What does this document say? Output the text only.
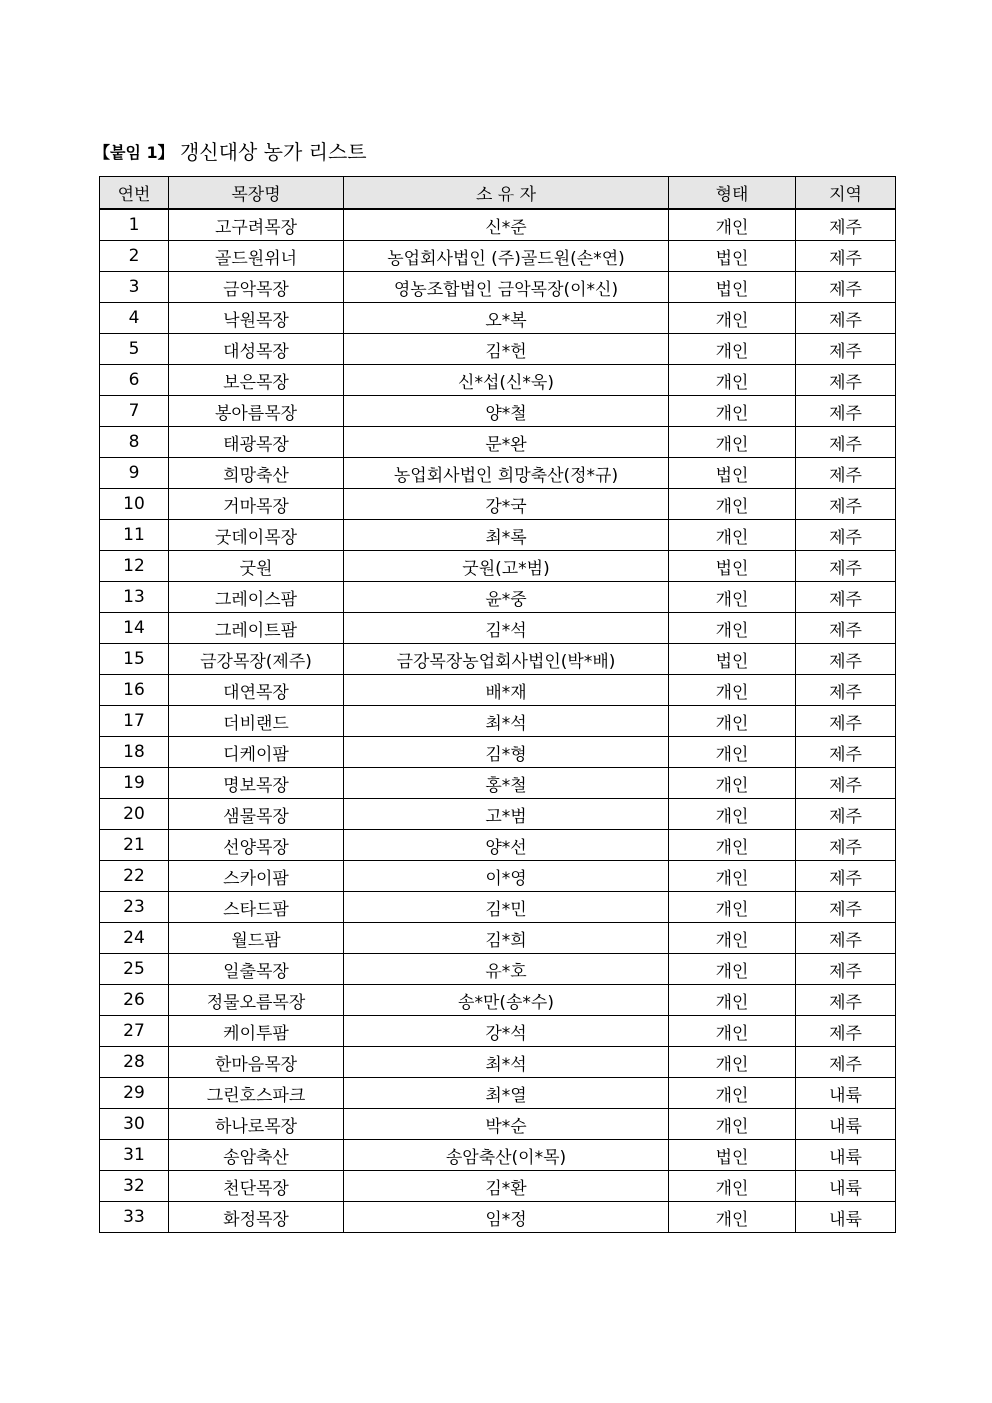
【붙임 1】 갱신대상 농가 리스트
연번	목장명	소 유 자	형태	지역
1	고구려목장	신*준	개인	제주
2	골드원위너	농업회사법인 (주)골드원(손*연)	법인	제주
3	금악목장	영농조합법인 금악목장(이*신)	법인	제주
4	낙원목장	오*복	개인	제주
5	대성목장	김*헌	개인	제주
6	보은목장	신*섭(신*욱)	개인	제주
7	봉아름목장	양*철	개인	제주
8	태광목장	문*완	개인	제주
9	희망축산	농업회사법인 희망축산(정*규)	법인	제주
10	거마목장	강*국	개인	제주
11	굿데이목장	최*록	개인	제주
12	굿원	굿원(고*범)	법인	제주
13	그레이스팜	윤*중	개인	제주
14	그레이트팜	김*석	개인	제주
15	금강목장(제주)	금강목장농업회사법인(박*배)	법인	제주
16	대연목장	배*재	개인	제주
17	더비랜드	최*석	개인	제주
18	디케이팜	김*형	개인	제주
19	명보목장	홍*철	개인	제주
20	샘물목장	고*범	개인	제주
21	선양목장	양*선	개인	제주
22	스카이팜	이*영	개인	제주
23	스타드팜	김*민	개인	제주
24	월드팜	김*희	개인	제주
25	일출목장	유*호	개인	제주
26	정물오름목장	송*만(송*수)	개인	제주
27	케이투팜	강*석	개인	제주
28	한마음목장	최*석	개인	제주
29	그린호스파크	최*열	개인	내륙
30	하나로목장	박*순	개인	내륙
31	송암축산	송암축산(이*목)	법인	내륙
32	천단목장	김*환	개인	내륙
33	화정목장	임*정	개인	내륙
